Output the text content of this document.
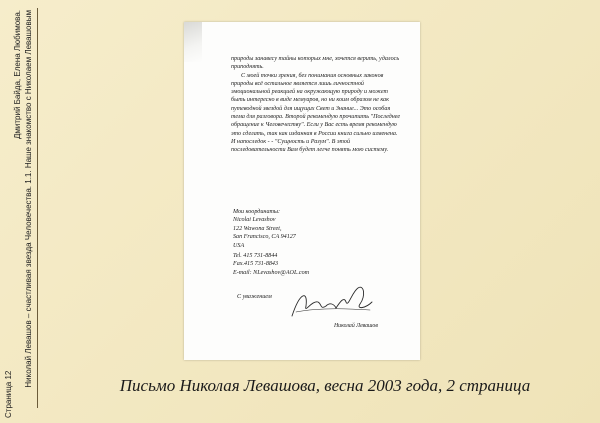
Страница 12
Дмитрий Байда, Елена Любимова. Николай Левашов – счастливая звезда Человечества. 1.1. Наше знакомство с Николаем Левашовым	природы занавесу тайны которых мне, хочется верить, удалось приподнять.

С моей точки зрения, без понимания основных законов природы всё остальное является лишь личностной эмоциональной реакцией на окружающую природу и может быть интересно в виде мемуаров, но ни коим образом не как путеводной звездой для ищущих Свет и Знание... Это особая тема для разговора. Второй рекомендую прочитать "Последнее обращение к Человечеству". Если у Вас есть время рекомендую это сделать, так как изданная в России книга сильно изменена. И напоследок - - "Сущность и Разум". В этой последовательности Вам будет легче понять мою систему.

Мои координаты:
Nicolai Levashov
122 Wawona Street,
San Francisco, CA 94127
USA
Tel. 415 731-8844
Fax.415 731-8843
E-mail: NLevashov@AOL.com
С уважением
Николай Левашов
Письмо Николая Левашова, весна 2003 года, 2 страница
